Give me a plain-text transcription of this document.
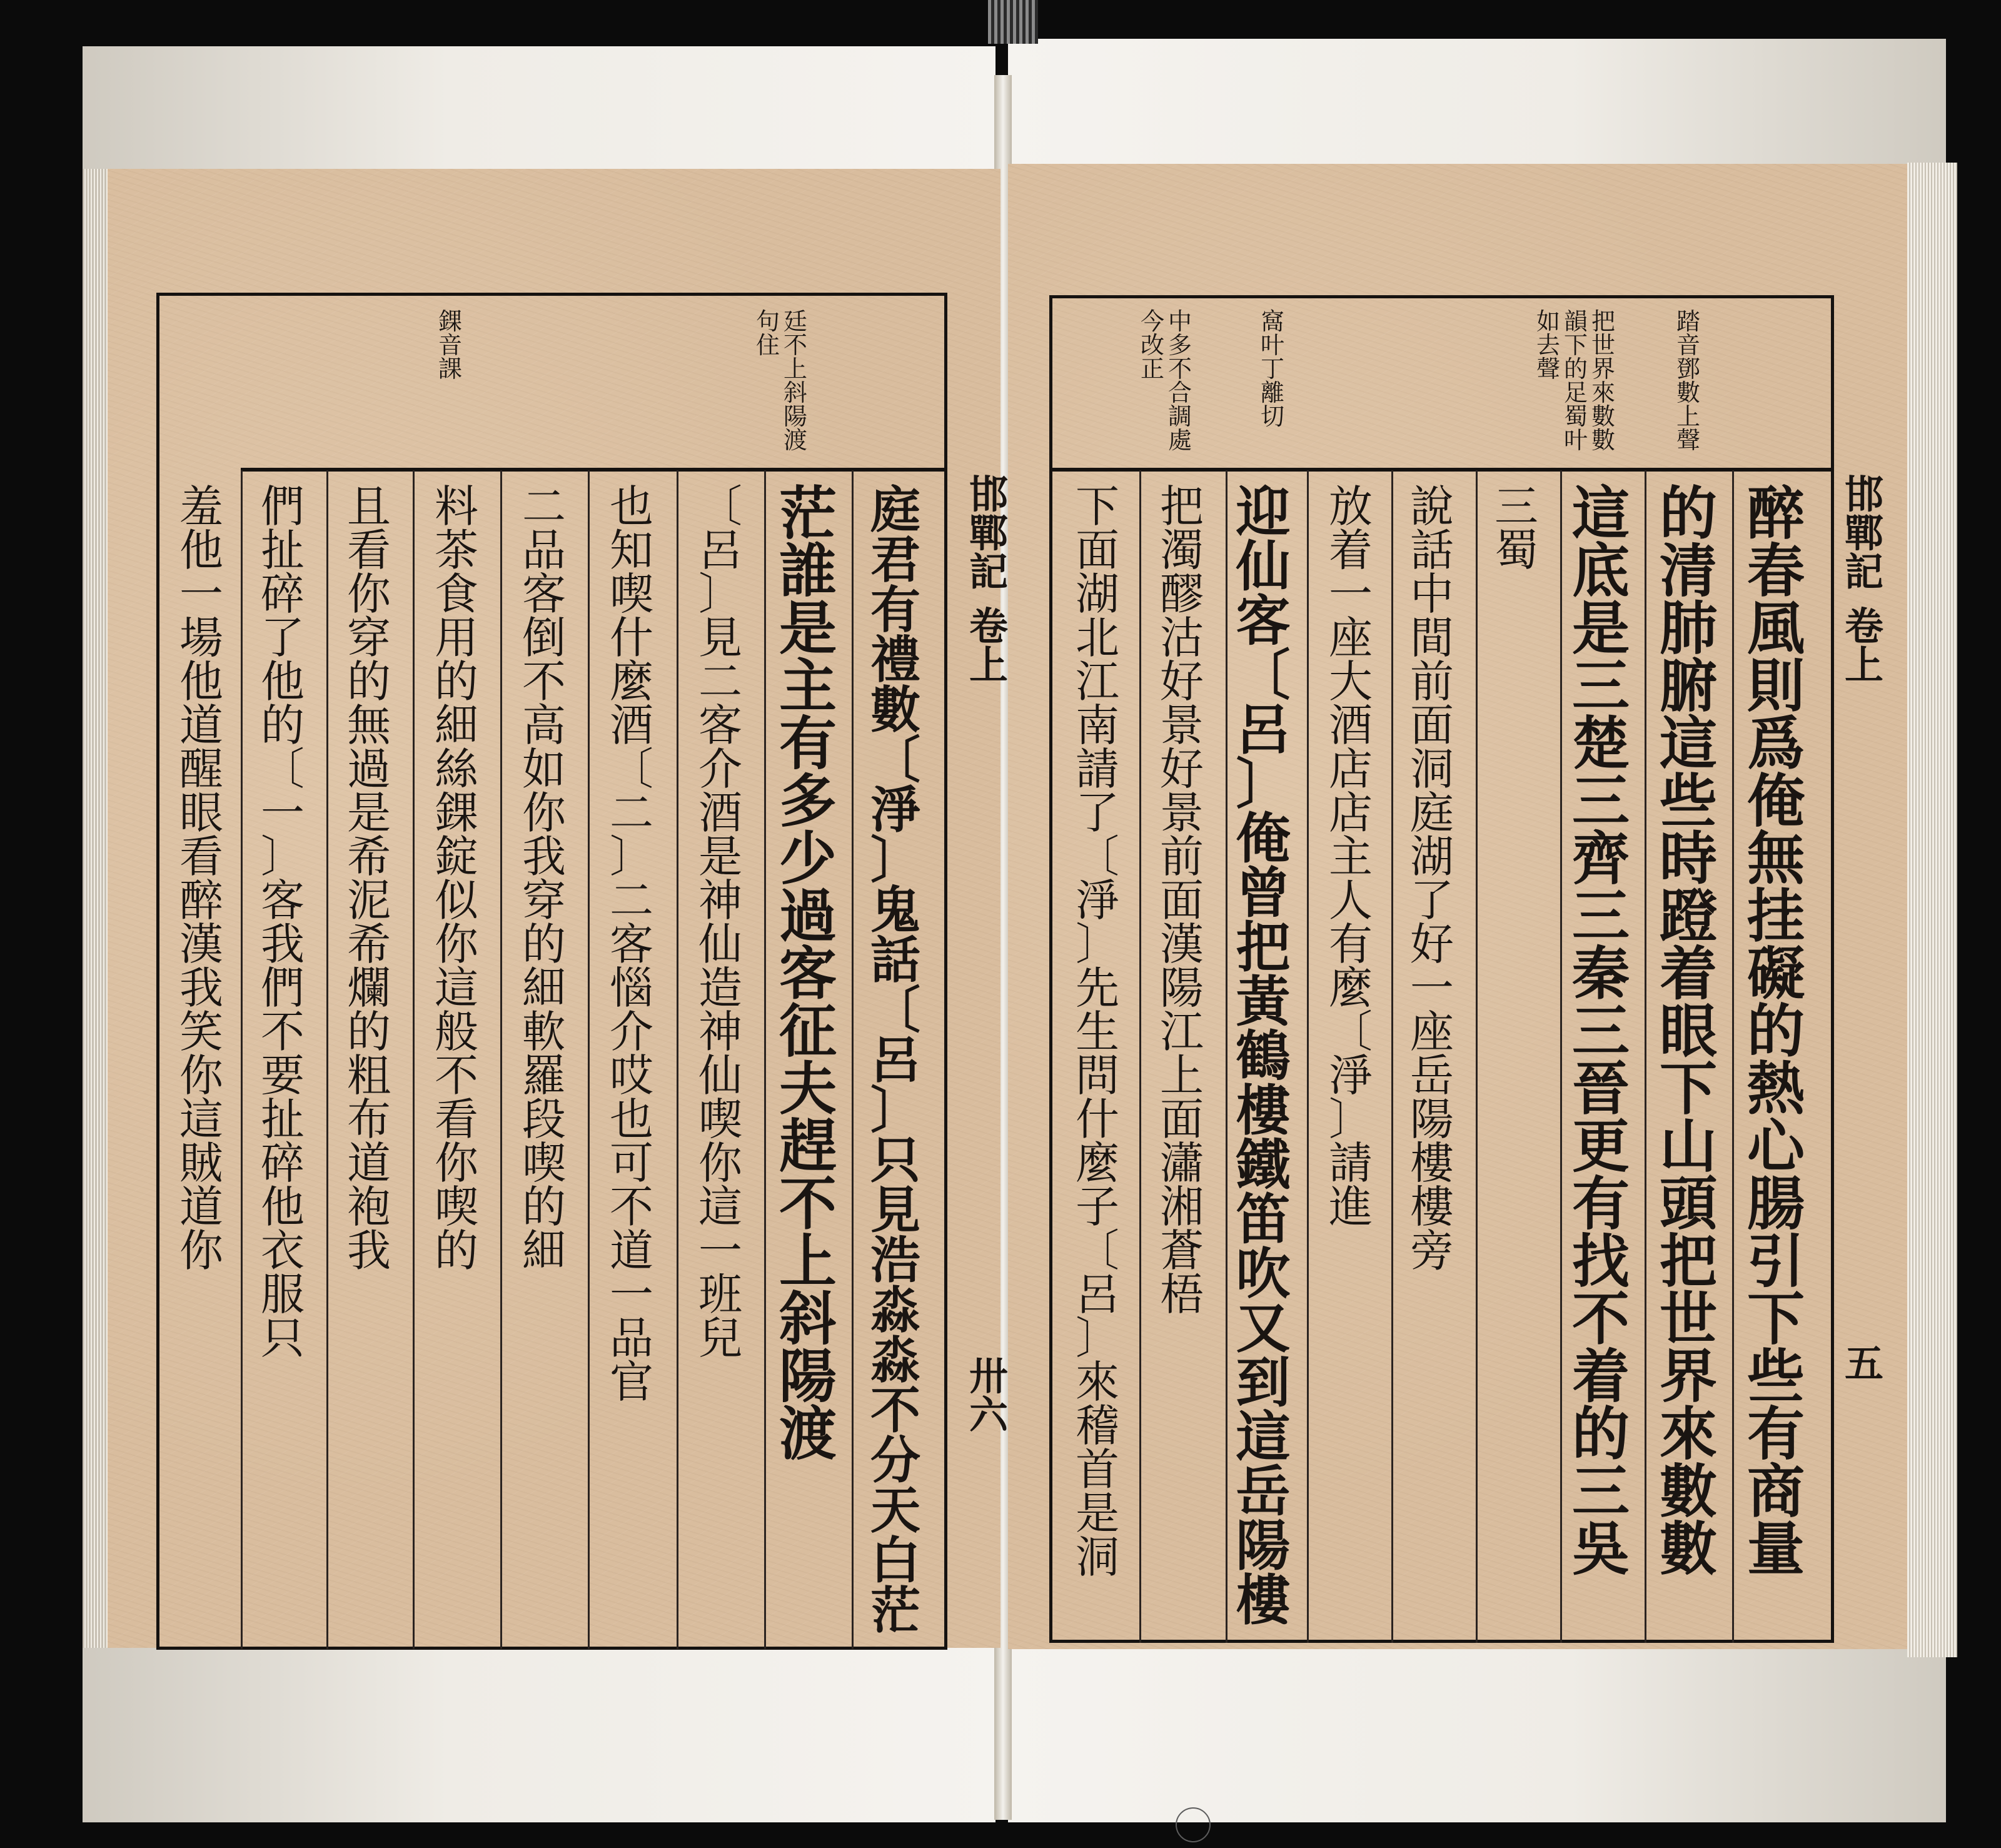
廷
不
上
斜
陽
渡
句
住
錁
音
課
踏
音
鄧
數
上
聲
把
世
界
來
數
數
韻
下
的
足
蜀
叶
如
去
聲
窩
叶
丁
離
切
中
多
不
合
調
處
今
改
正
庭
君
有
禮
數
〔
淨
〕
鬼
話
〔
呂
〕
只
見
浩
淼
淼
不
分
天
白
茫
茫
誰
是
主
有
多
少
過
客
征
夫
趕
不
上
斜
陽
渡
〔
呂
〕
見
二
客
介
酒
是
神
仙
造
神
仙
喫
你
這
一
班
兒
也
知
喫
什
麼
酒
〔
二
〕
二
客
惱
介
哎
也
可
不
道
一
品
官
二
品
客
倒
不
高
如
你
我
穿
的
細
軟
羅
段
喫
的
細
料
茶
食
用
的
細
絲
錁
錠
似
你
這
般
不
看
你
喫
的
且
看
你
穿
的
無
過
是
希
泥
希
爛
的
粗
布
道
袍
我
們
扯
碎
了
他
的
〔
一
〕
客
我
們
不
要
扯
碎
他
衣
服
只
羞
他
一
場
他
道
醒
眼
看
醉
漢
我
笑
你
這
賊
道
你
醉
春
風
則
爲
俺
無
挂
礙
的
熱
心
腸
引
下
些
有
商
量
的
清
肺
腑
這
些
時
蹬
着
眼
下
山
頭
把
世
界
來
數
數
這
底
是
三
楚
三
齊
三
秦
三
晉
更
有
找
不
着
的
三
吳
三
蜀
說
話
中
間
前
面
洞
庭
湖
了
好
一
座
岳
陽
樓
樓
旁
放
着
一
座
大
酒
店
店
主
人
有
麼
〔
淨
〕
請
進
迎
仙
客
〔
呂
〕
俺
曾
把
黃
鶴
樓
鐵
笛
吹
又
到
這
岳
陽
樓
把
濁
醪
沽
好
景
好
景
前
面
漢
陽
江
上
面
瀟
湘
蒼
梧
下
面
湖
北
江
南
請
了
〔
淨
〕
先
生
問
什
麼
子
〔
呂
〕
來
稽
首
是
洞
邯
鄲
記
卷
上
卅
六
邯
鄲
記
卷
上
五
